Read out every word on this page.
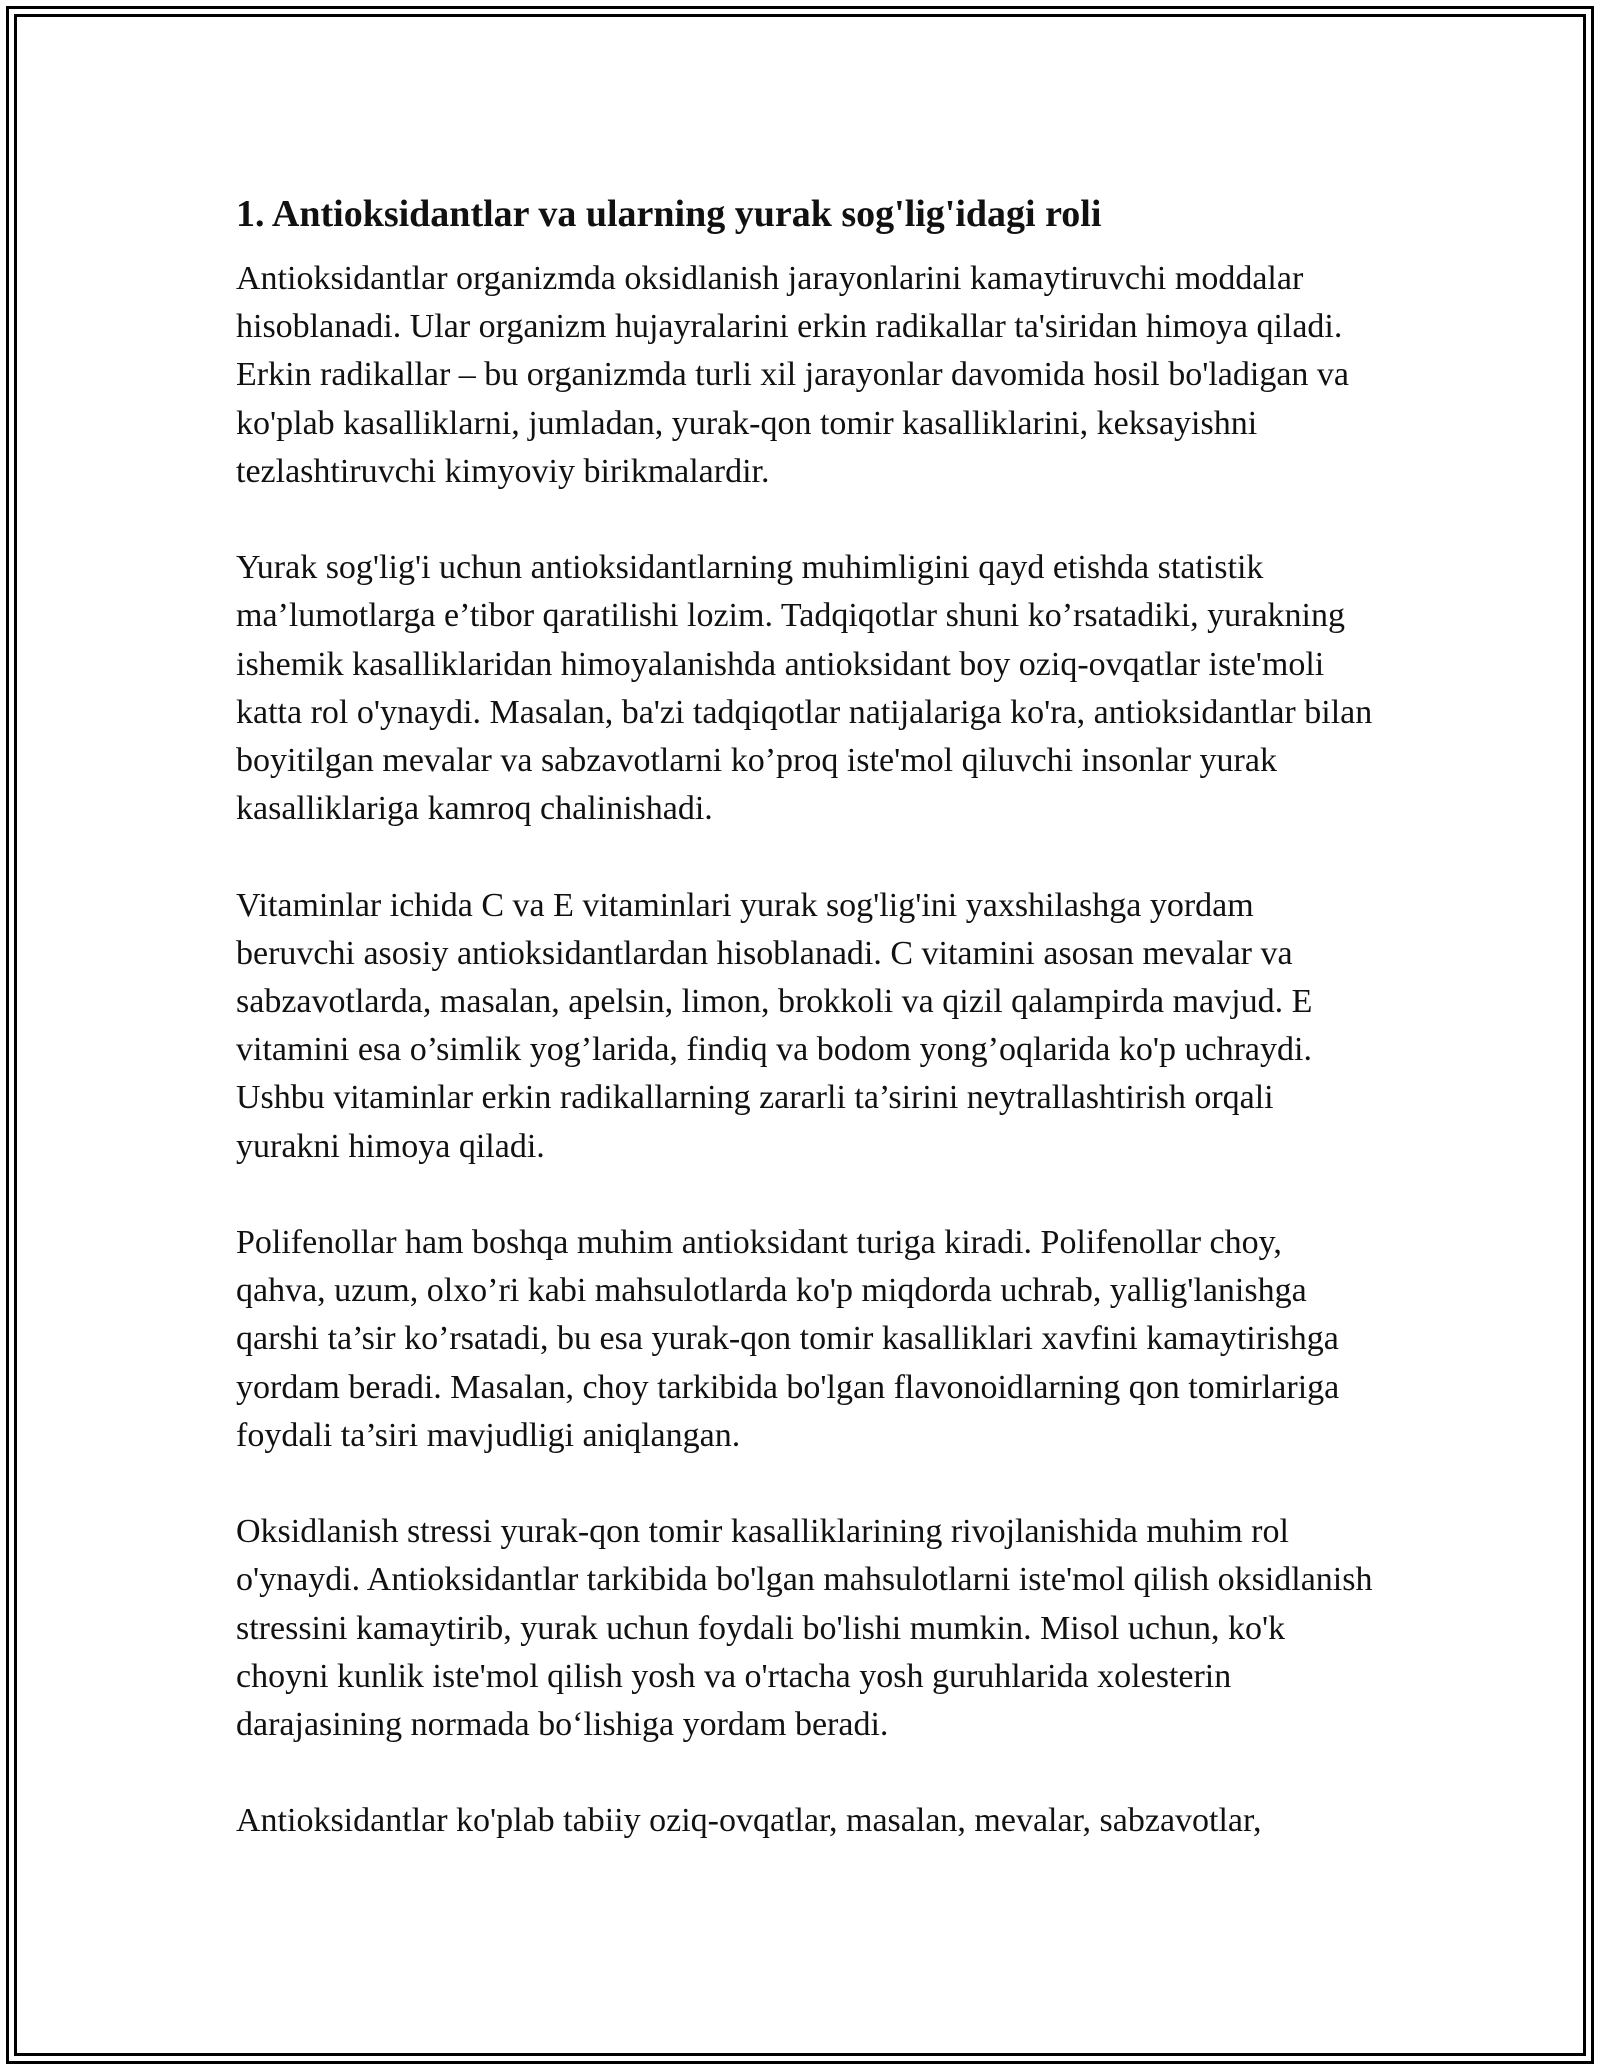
1. Antioksidantlar va ularning yurak sog'lig'idagi roli

Antioksidantlar organizmda oksidlanish jarayonlarini kamaytiruvchi moddalar hisoblanadi. Ular organizm hujayralarini erkin radikallar ta'siridan himoya qiladi. Erkin radikallar – bu organizmda turli xil jarayonlar davomida hosil bo'ladigan va ko'plab kasalliklarni, jumladan, yurak-qon tomir kasalliklarini, keksayishni tezlashtiruvchi kimyoviy birikmalardir.

Yurak sog'lig'i uchun antioksidantlarning muhimligini qayd etishda statistik ma’lumotlarga e’tibor qaratilishi lozim. Tadqiqotlar shuni ko’rsatadiki, yurakning ishemik kasalliklaridan himoyalanishda antioksidant boy oziq-ovqatlar iste'moli katta rol o'ynaydi. Masalan, ba'zi tadqiqotlar natijalariga ko'ra, antioksidantlar bilan boyitilgan mevalar va sabzavotlarni ko’proq iste'mol qiluvchi insonlar yurak kasalliklariga kamroq chalinishadi.

Vitaminlar ichida C va E vitaminlari yurak sog'lig'ini yaxshilashga yordam beruvchi asosiy antioksidantlardan hisoblanadi. C vitamini asosan mevalar va sabzavotlarda, masalan, apelsin, limon, brokkoli va qizil qalampirda mavjud. E vitamini esa o’simlik yog’larida, findiq va bodom yong’oqlarida ko'p uchraydi. Ushbu vitaminlar erkin radikallarning zararli ta’sirini neytrallashtirish orqali yurakni himoya qiladi.

Polifenollar ham boshqa muhim antioksidant turiga kiradi. Polifenollar choy, qahva, uzum, olxo’ri kabi mahsulotlarda ko'p miqdorda uchrab, yallig'lanishga qarshi ta’sir ko’rsatadi, bu esa yurak-qon tomir kasalliklari xavfini kamaytirishga yordam beradi. Masalan, choy tarkibida bo'lgan flavonoidlarning qon tomirlariga foydali ta’siri mavjudligi aniqlangan.

Oksidlanish stressi yurak-qon tomir kasalliklarining rivojlanishida muhim rol o'ynaydi. Antioksidantlar tarkibida bo'lgan mahsulotlarni iste'mol qilish oksidlanish stressini kamaytirib, yurak uchun foydali bo'lishi mumkin. Misol uchun, ko'k choyni kunlik iste'mol qilish yosh va o'rtacha yosh guruhlarida xolesterin darajasining normada bo‘lishiga yordam beradi.

Antioksidantlar ko'plab tabiiy oziq-ovqatlar, masalan, mevalar, sabzavotlar,
